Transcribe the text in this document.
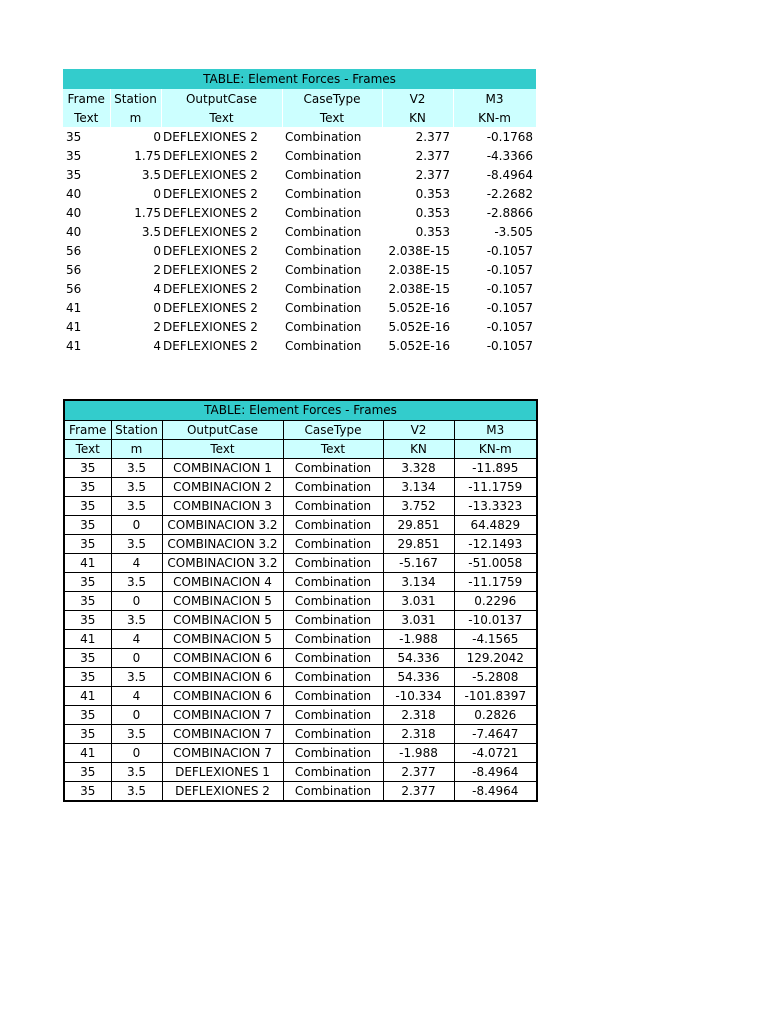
TABLE: Element Forces - Frames					
Frame	Station	OutputCase	CaseType	V2	M3
Text	m	Text	Text	KN	KN-m
35	0	DEFLEXIONES 2	Combination	2.377	-0.1768
35	1.75	DEFLEXIONES 2	Combination	2.377	-4.3366
35	3.5	DEFLEXIONES 2	Combination	2.377	-8.4964
40	0	DEFLEXIONES 2	Combination	0.353	-2.2682
40	1.75	DEFLEXIONES 2	Combination	0.353	-2.8866
40	3.5	DEFLEXIONES 2	Combination	0.353	-3.505
56	0	DEFLEXIONES 2	Combination	2.038E-15	-0.1057
56	2	DEFLEXIONES 2	Combination	2.038E-15	-0.1057
56	4	DEFLEXIONES 2	Combination	2.038E-15	-0.1057
41	0	DEFLEXIONES 2	Combination	5.052E-16	-0.1057
41	2	DEFLEXIONES 2	Combination	5.052E-16	-0.1057
41	4	DEFLEXIONES 2	Combination	5.052E-16	-0.1057
TABLE: Element Forces - Frames					
Frame	Station	OutputCase	CaseType	V2	M3
Text	m	Text	Text	KN	KN-m
35	3.5	COMBINACION 1	Combination	3.328	-11.895
35	3.5	COMBINACION 2	Combination	3.134	-11.1759
35	3.5	COMBINACION 3	Combination	3.752	-13.3323
35	0	COMBINACION 3.2	Combination	29.851	64.4829
35	3.5	COMBINACION 3.2	Combination	29.851	-12.1493
41	4	COMBINACION 3.2	Combination	-5.167	-51.0058
35	3.5	COMBINACION 4	Combination	3.134	-11.1759
35	0	COMBINACION 5	Combination	3.031	0.2296
35	3.5	COMBINACION 5	Combination	3.031	-10.0137
41	4	COMBINACION 5	Combination	-1.988	-4.1565
35	0	COMBINACION 6	Combination	54.336	129.2042
35	3.5	COMBINACION 6	Combination	54.336	-5.2808
41	4	COMBINACION 6	Combination	-10.334	-101.8397
35	0	COMBINACION 7	Combination	2.318	0.2826
35	3.5	COMBINACION 7	Combination	2.318	-7.4647
41	0	COMBINACION 7	Combination	-1.988	-4.0721
35	3.5	DEFLEXIONES 1	Combination	2.377	-8.4964
35	3.5	DEFLEXIONES 2	Combination	2.377	-8.4964
